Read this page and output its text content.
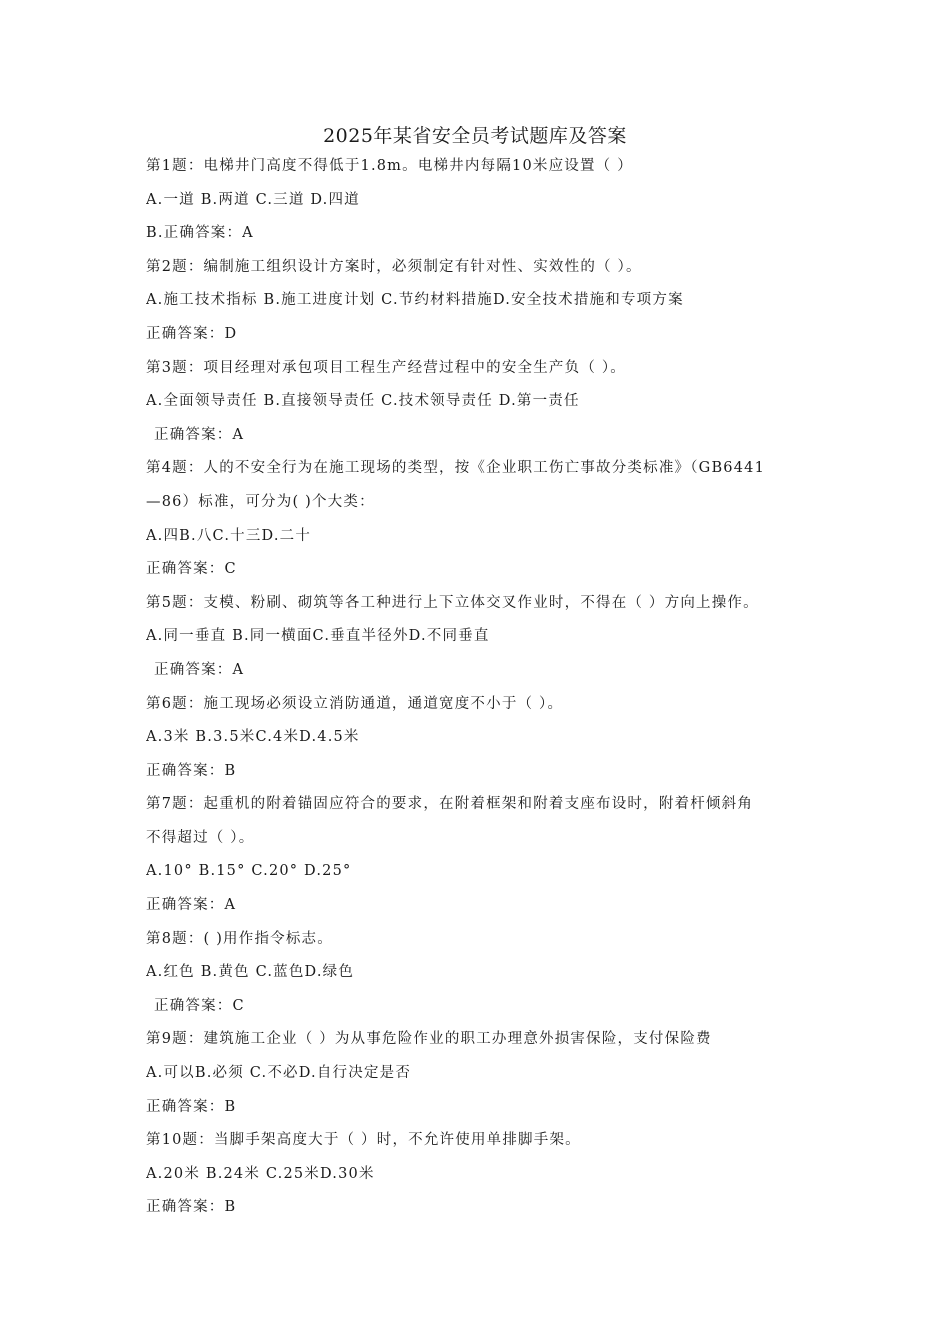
2025年某省安全员考试题库及答案
第1题：电梯井门高度不得低于1.8m。电梯井内每隔10米应设置（ ）
A.一道 B.两道 C.三道 D.四道
B.正确答案：A
第2题：编制施工组织设计方案时，必须制定有针对性、实效性的（ ）。
A.施工技术指标 B.施工进度计划 C.节约材料措施D.安全技术措施和专项方案
正确答案：D
第3题：项目经理对承包项目工程生产经营过程中的安全生产负（ ）。
A.全面领导责任 B.直接领导责任 C.技术领导责任 D.第一责任
正确答案：A
第4题：人的不安全行为在施工现场的类型，按《企业职工伤亡事故分类标准》（GB6441
—86）标准，可分为( )个大类：
A.四B.八C.十三D.二十
正确答案：C
第5题：支模、粉刷、砌筑等各工种进行上下立体交叉作业时，不得在（ ）方向上操作。
A.同一垂直 B.同一横面C.垂直半径外D.不同垂直
正确答案：A
第6题：施工现场必须设立消防通道，通道宽度不小于（ ）。
A.3米 B.3.5米C.4米D.4.5米
正确答案：B
第7题：起重机的附着锚固应符合的要求，在附着框架和附着支座布设时，附着杆倾斜角
不得超过（ ）。
A.10° B.15° C.20° D.25°
正确答案：A
第8题：( )用作指令标志。
A.红色 B.黄色 C.蓝色D.绿色
正确答案：C
第9题：建筑施工企业（ ）为从事危险作业的职工办理意外损害保险，支付保险费
A.可以B.必须 C.不必D.自行决定是否
正确答案：B
第10题：当脚手架高度大于（ ）时，不允许使用单排脚手架。
A.20米 B.24米 C.25米D.30米
正确答案：B
